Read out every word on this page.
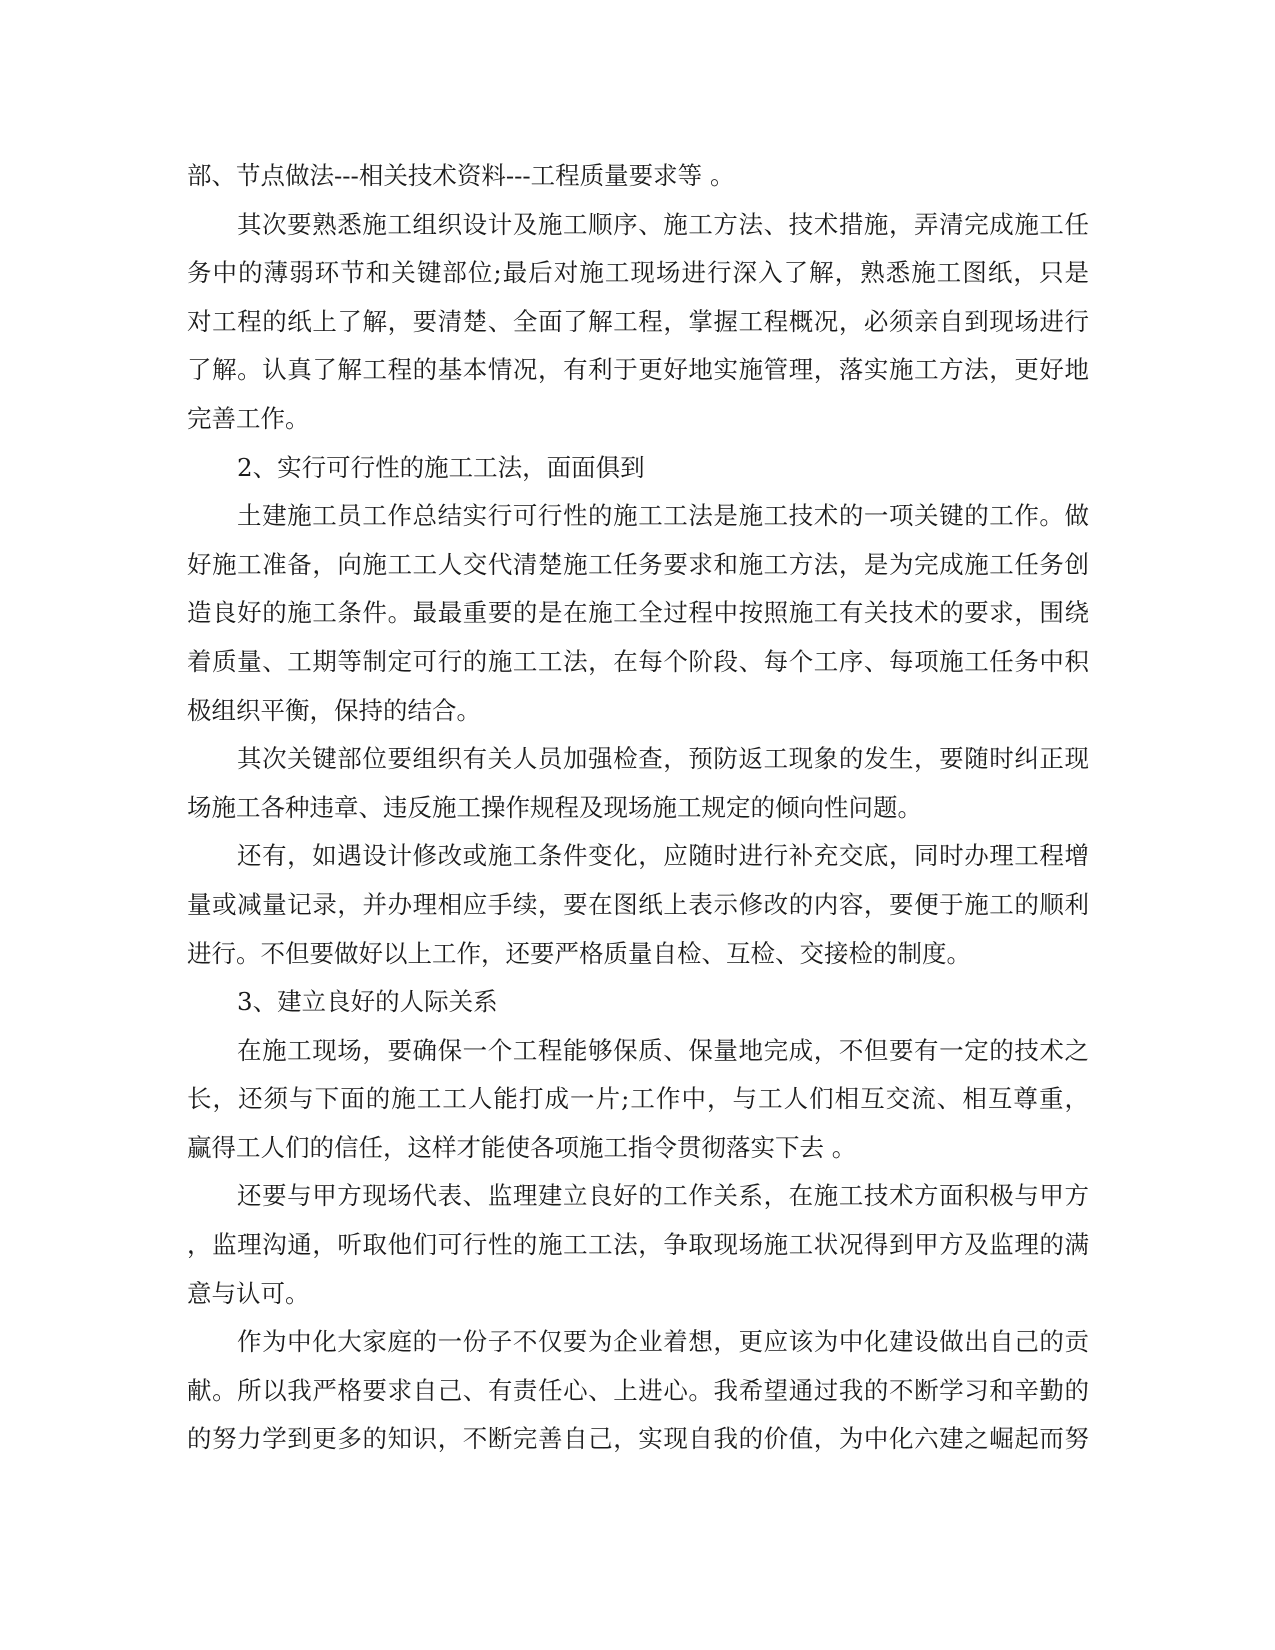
部、节点做法---相关技术资料---工程质量要求等 。
其次要熟悉施工组织设计及施工顺序、施工方法、技术措施，弄清完成施工任
务中的薄弱环节和关键部位;最后对施工现场进行深入了解，熟悉施工图纸，只是
对工程的纸上了解，要清楚、全面了解工程，掌握工程概况，必须亲自到现场进行
了解。认真了解工程的基本情况，有利于更好地实施管理，落实施工方法，更好地
完善工作。
2、实行可行性的施工工法，面面俱到
土建施工员工作总结实行可行性的施工工法是施工技术的一项关键的工作。做
好施工准备，向施工工人交代清楚施工任务要求和施工方法，是为完成施工任务创
造良好的施工条件。最最重要的是在施工全过程中按照施工有关技术的要求，围绕
着质量、工期等制定可行的施工工法，在每个阶段、每个工序、每项施工任务中积
极组织平衡，保持的结合。
其次关键部位要组织有关人员加强检查，预防返工现象的发生，要随时纠正现
场施工各种违章、违反施工操作规程及现场施工规定的倾向性问题。
还有，如遇设计修改或施工条件变化，应随时进行补充交底，同时办理工程增
量或减量记录，并办理相应手续，要在图纸上表示修改的内容，要便于施工的顺利
进行。不但要做好以上工作，还要严格质量自检、互检、交接检的制度。
3、建立良好的人际关系
在施工现场，要确保一个工程能够保质、保量地完成，不但要有一定的技术之
长，还须与下面的施工工人能打成一片;工作中，与工人们相互交流、相互尊重，
赢得工人们的信任，这样才能使各项施工指令贯彻落实下去 。
还要与甲方现场代表、监理建立良好的工作关系，在施工技术方面积极与甲方
，监理沟通，听取他们可行性的施工工法，争取现场施工状况得到甲方及监理的满
意与认可。
作为中化大家庭的一份子不仅要为企业着想，更应该为中化建设做出自己的贡
献。所以我严格要求自己、有责任心、上进心。我希望通过我的不断学习和辛勤的
的努力学到更多的知识，不断完善自己，实现自我的价值，为中化六建之崛起而努
